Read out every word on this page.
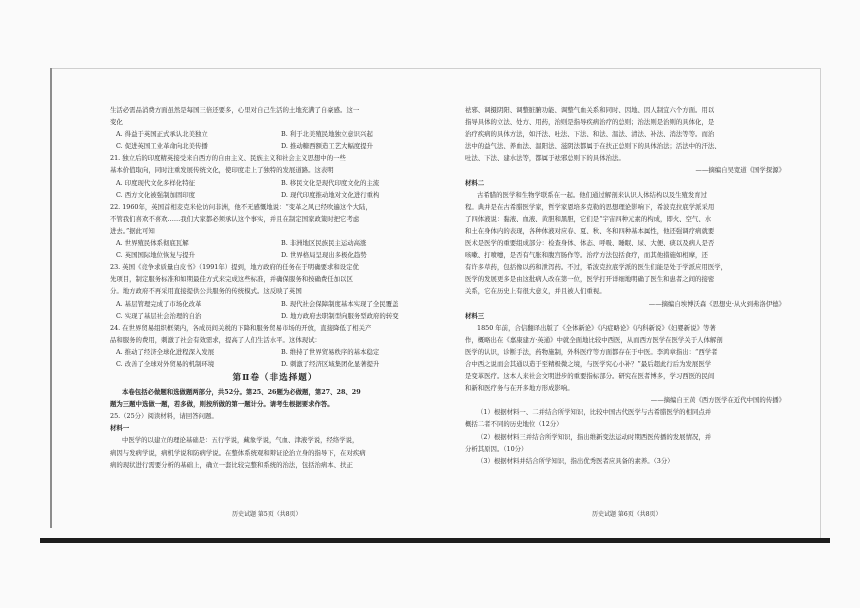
生活必需品消费方面虽然是每国三倍还要多，心里对自己生活的土地充满了自豪感。这一
变化
A. 得益于英国正式承认北美独立	B. 利于北美殖民地独立意识兴起
C. 促进英国工业革命向北美传播	D. 推动糖西额造工艺大幅度提升
21. 独立后的印度精英接受来自西方的自由主义、民族主义和社会主义思想中的一些
基本价值取向，同时注重发展传统文化，使印度走上了独特的发展道路。这表明
A. 印度现代文化多样化特征	B. 移民文化是现代印度文化的主流
C. 西方文化被强制加固印度	D. 现代印度推动地对文化进行重构
22. 1960年，英国首相麦克米伦访问非洲，他不无感慨地说：“变革之风已经吹遍这个大陆，
不管我们喜欢不喜欢……我们大家都必须承认这个事实，并且在制定国家政策时把它考虑
进去。”据此可知
A. 世界殖民体系彻底瓦解	B. 非洲地区民族民主运动高涨
C. 英国国际地位恢复与提升	D. 世界格局呈现出多极化趋势
23. 英国《竞争求质量白皮书》（1991年）提到，地方政府的任务在于明确要求和设定优
先项目，制定服务标准和如期最佳方式来完成这些标准，并确保服务和按确费任加以区
分。地方政府不再采用直接提供公共服务的传统模式。这反映了英国
A. 基层管理完成了市场化改革	B. 现代社会保障制度基本实现了全民覆盖
C. 实现了基层社会治理的自治	D. 地方政府去职制型向服务型政府的转变
24. 在世界贸易组织框架内，各成员间关税的下降和服务贸易市场的开放，直接降低了相关产
品和服务的费用，刺激了社会有效需求，提高了人们生活水平。这体现试：
A. 推动了经济全球化进程深入发展	B. 维持了世界贸易秩序的基本稳定
C. 改善了全球对外贸易的机制环境	D. 刺激了经济区域集团化显著提升
第Ⅱ卷（非选择题）
本卷包括必做题和选做题两部分，共52分。第25、26题为必做题，第27、28、29
题为三题中选做一题，若多做，则按所做的第一题计分。请考生根据要求作答。
25.（25分）阅读材料，请回答问题。
材料一
中医学的以建立的理论基础是：五行学说，藏象学说，气血、津液学说，经络学说，
病因与发病学说，病机学说和防病学说。在整体系统观和辩证论治立身的指导下，在对疾病
病的现状进行需要分析的基础上，确立一套比较完整和系统的治法，包括治病本、扶正
历史试题 第5页（共8页）
祛邪、调摄阴阳、调整脏腑功能、调整气血关系和同时、因地、因人制宜六个方面。用以
指导具体的立法、处方、用药，治则是指导疾病治疗的总则；治法则是治则的具体化，是
治疗疾病的具体方法，如汗法、吐法、下法、和法、温法、清法、补法、消法等等。而治
法中的益气法、养血法、温阳法、滋阴法都属于在扶正总则下的具体治法；活法中的汗法、
吐法、下法、建水法等，都属于祛邪总则下的具体治法。
——摘编自吴宽道《国学探源》
材料二
古希腊的医学和生物学联系在一起。他们通过解剖来认识人体结构以及生殖发育过
程。典并是在古希腊医学家，哲学家恩培多克勒的思想理论影响下，希波克拉底学派采用
了四体液说：黏液、血液、黄胆和黑胆，它们是“宇宙四种元素的构成，即火、空气、水
和土在身体内的表现，各种体液对应春、夏、秋、冬和四种基本属性，他还强调疗病就要
医术是医学的重要组成部分：检查身体、体态、呼吸、睡眠、尿、大便、痰以及病人是否
咳嗽、打喷嚏，是否有气胀和腹宫肠作等。治疗方法包括食疗，而其他措施如相摩，还
有许多草药，包括像以药和泄泻药。不过，希波克拉底学派的医生们能是处于学派应用医学，
医学的发展更多是由这批病人改在第一位，医学打开详细地明确了医生和患者之间的接密
关系，它在历史上有很大意义，并且被人们重视。
——摘编自埃博沃森《思想史·从火到弗洛伊德》
材料三
1850 年前，合信翻译出版了《全体新论》《内症略论》《内科新说》《妇婴新说》等著
作，概略出在《嘉康建方·英通》中就全面地比较中西医，从而西方医学在医学关于人体解剖
医学的认识，诊断手法，药物施制，外科医疗等方面都存在于中医。李鸿章指出：“西学者
合中西之说而会其通以造于至精极微之境，与医学究心小补？”最后超此行后为发展医学
是变革医疗。这本人来社会文明进步的重要指标部分。研究在医者博多，学习西医的民间
和新和医疗务与在开多地方形成影响。
——摘编自王黄《西方医学在近代中国的传播》
（1）根据材料一、二并结合所学知识，比较中国古代医学与古希腊医学的相同点并
概括二者不同的历史地位（12分）
（2）根据材料三并结合所学知识，指出维新变法运动时期西医传播的发展情况，并
分析其原因。（10分）
（3）根据材料并结合所学知识，指出优秀医者应具备的素养。（3分）
历史试题 第6页（共8页）
